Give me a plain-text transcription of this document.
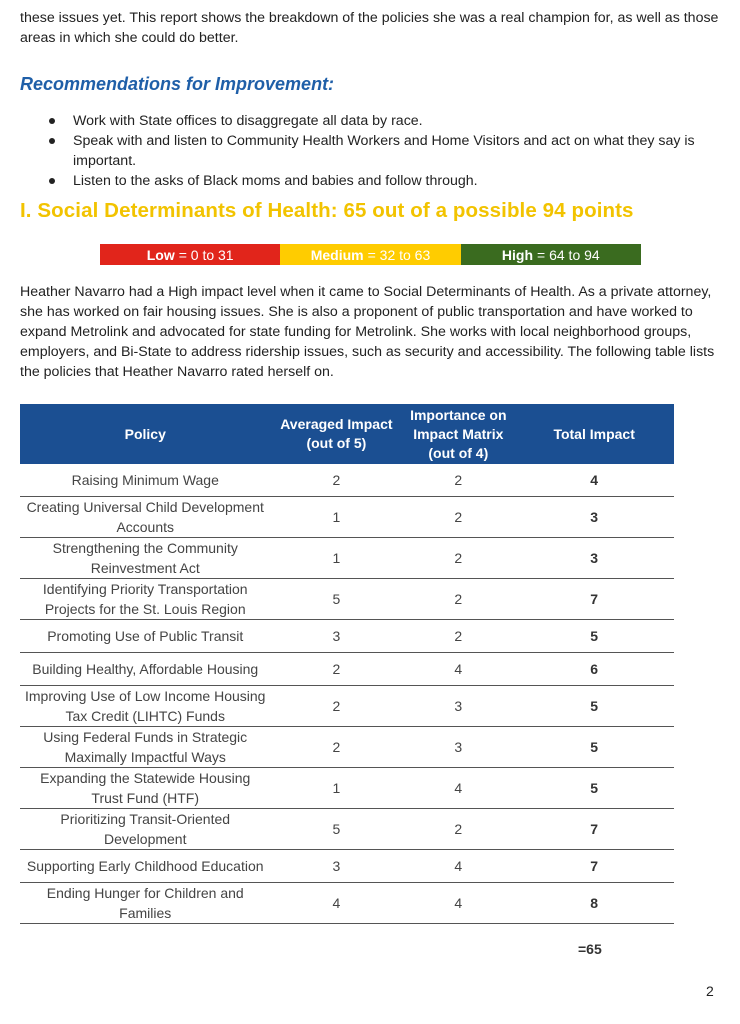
these issues yet. This report shows the breakdown of the policies she was a real champion for, as well as those areas in which she could do better.

Recommendations for Improvement:
Work with State offices to disaggregate all data by race.
Speak with and listen to Community Health Workers and Home Visitors and act on what they say is important.
Listen to the asks of Black moms and babies and follow through.
I. Social Determinants of Health: 65 out of a possible 94 points
Low = 0 to 31	Medium = 32 to 63	High = 64 to 94

Heather Navarro had a High impact level when it came to Social Determinants of Health. As a private attorney, she has worked on fair housing issues. She is also a proponent of public transportation and have worked to expand Metrolink and advocated for state funding for Metrolink. She works with local neighborhood groups, employers, and Bi-State to address ridership issues, such as security and accessibility. The following table lists the policies that Heather Navarro rated herself on.

Policy	Averaged Impact (out of 5)	Importance on Impact Matrix (out of 4)	Total Impact
Raising Minimum Wage	2	2	4
Creating Universal Child Development Accounts	1	2	3
Strengthening the Community Reinvestment Act	1	2	3
Identifying Priority Transportation Projects for the St. Louis Region	5	2	7
Promoting Use of Public Transit	3	2	5
Building Healthy, Affordable Housing	2	4	6
Improving Use of Low Income Housing Tax Credit (LIHTC) Funds	2	3	5
Using Federal Funds in Strategic Maximally Impactful Ways	2	3	5
Expanding the Statewide Housing Trust Fund (HTF)	1	4	5
Prioritizing Transit-Oriented Development	5	2	7
Supporting Early Childhood Education	3	4	7
Ending Hunger for Children and Families	4	4	8
=65
2
